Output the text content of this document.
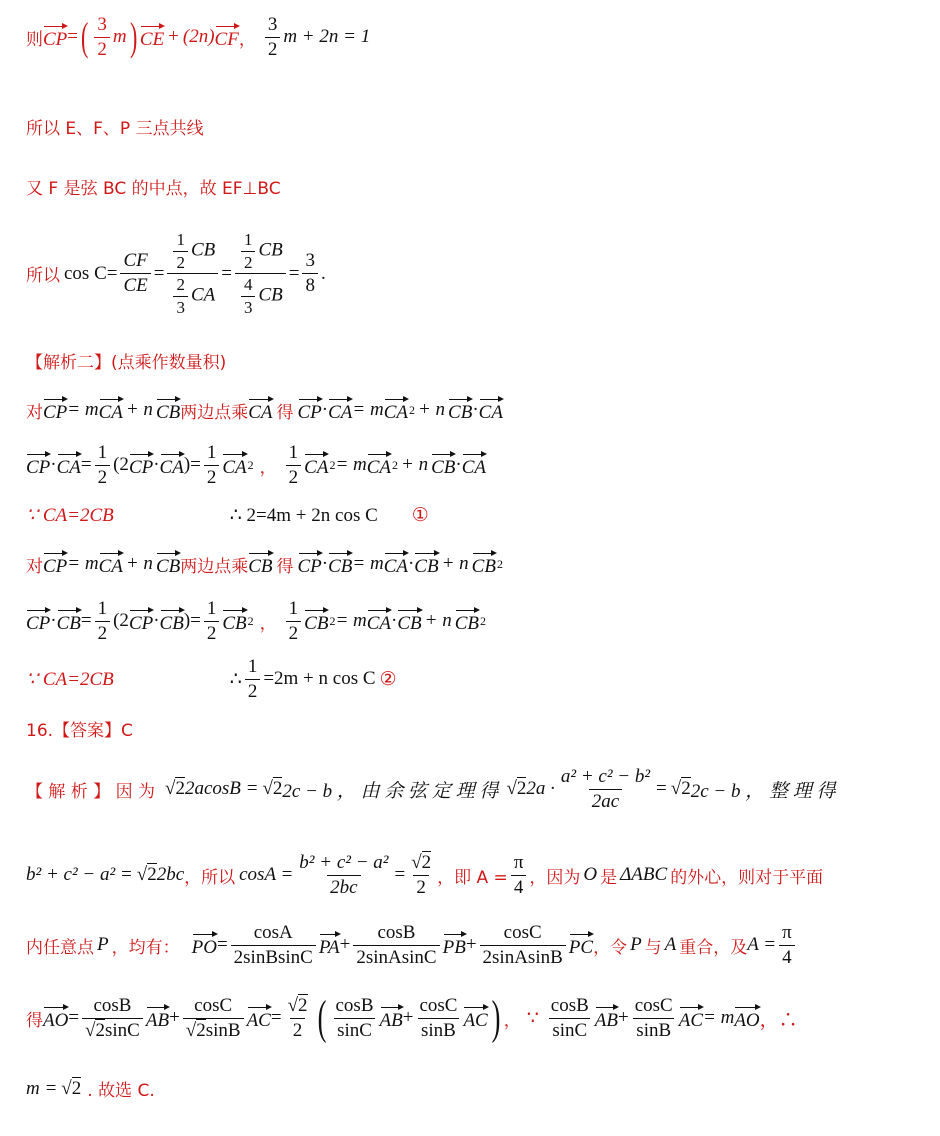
则 CP = ( $\frac{3}{2}$ m ) CE + (2n) CF ， $\frac{3}{2}$ m + 2n = 1
所以 E、F、P 三点共线
又 F 是弦 BC 的中点，故 EF⊥BC
所以 $\cos C = \frac{CF}{CE} = \frac{\frac{1}{2} CB}{\frac{2}{3} CA} = \frac{\frac{1}{2} CB}{\frac{4}{3} CB} = \frac{3}{8}$ .
【解析二】(点乘作数量积)
对 CP = m CA + n CB 两边点乘 CA 得 CP · CA = m CA 2 + n CB · CA
CP · CA = $\frac{1}{2} (2$ CP · CA ) = $\frac{1}{2}$ CA 2 ， $\frac{1}{2}$ CA 2 = m CA 2 + n CB · CA
∵ CA=2CB	∴ 2=4m + 2n cos C ①
对 CP = m CA + n CB 两边点乘 CB 得 CP · CB = m CA · CB + n CB 2
CP · CB = $\frac{1}{2} (2$ CP · CB ) = $\frac{1}{2}$ CB 2 ， $\frac{1}{2}$ CB 2 = m CA · CB + n CB 2
∵ CA=2CB	∴ $\frac{1}{2} =2m + n$ cos C ②
16.【答案】C
【 解 析 】 因 为 √2 2acosB = √2 2c − b ， 由 余 弦 定 理 得 √2 $2a \cdot \frac{\text{a² + c² − b²}}{2ac} = √2$ 2c − b ， 整 理 得
b² + c² − a² = √2 2bc ，所以 $\cos A = \frac{\text{b² + c² − a²}}{2bc} = \frac{√2}{2}$ ，即 $A = \frac{\pi}{4}$ ，因为 O 是 ΔABC 的外心，则对于平面
内任意点 P ，均有： PO = $\frac{\cos A}{\text{2sinBsinC}}$ PA + $\frac{\cos B}{\text{2sinAsinC}}$ PB + $\frac{\cos C}{\text{2sinAsinB}}$ PC ，令 P 与 A 重合，及 $A = \frac{\pi}{4}$
得 AO = $\frac{\cos B}{√2\sin C}$ AB + $\frac{\cos C}{√2\sin B}$ AC = $\frac{√2}{2}$ ( $\frac{\cos B}{\sin C}$ AB + $\frac{\cos C}{\sin B}$ AC ) ， ∵ $\frac{\cos B}{\sin C}$ AB + $\frac{\cos C}{\sin B}$ AC = m AO ，∴
m = √2 . 故选 C.
